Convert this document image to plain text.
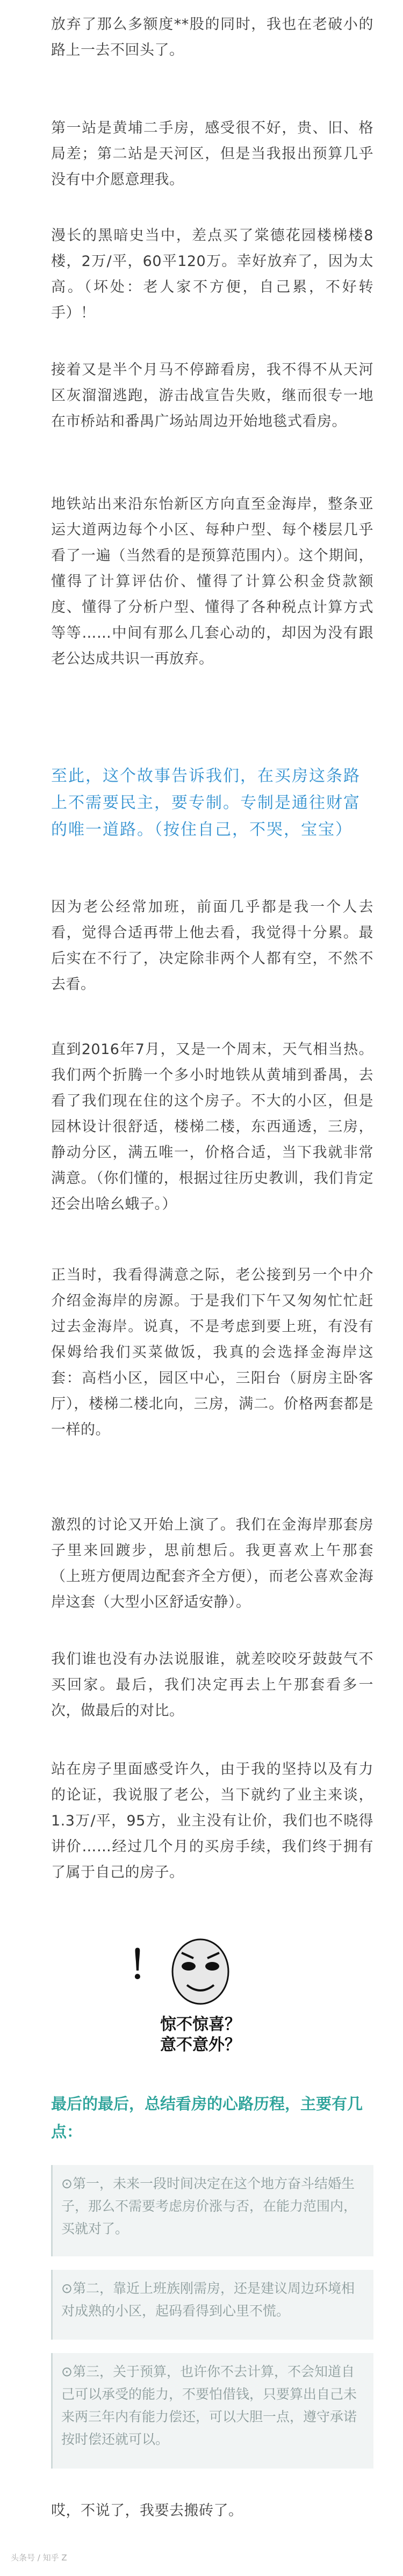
放弃了那么多额度**股的同时，我也在老破小的路上一去不回头了。

第一站是黄埔二手房，感受很不好，贵、旧、格局差；第二站是天河区，但是当我报出预算几乎没有中介愿意理我。

漫长的黑暗史当中，差点买了棠德花园楼梯楼8楼，2万/平，60平120万。幸好放弃了，因为太高。（坏处：老人家不方便，自己累，不好转手）！

接着又是半个月马不停蹄看房，我不得不从天河区灰溜溜逃跑，游击战宣告失败，继而很专一地在市桥站和番禺广场站周边开始地毯式看房。

地铁站出来沿东怡新区方向直至金海岸，整条亚运大道两边每个小区、每种户型、每个楼层几乎看了一遍（当然看的是预算范围内）。这个期间，懂得了计算评估价、懂得了计算公积金贷款额度、懂得了分析户型、懂得了各种税点计算方式等等……中间有那么几套心动的，却因为没有跟老公达成共识一再放弃。

至此，这个故事告诉我们，在买房这条路上不需要民主，要专制。专制是通往财富的唯一道路。（按住自己，不哭，宝宝）

因为老公经常加班，前面几乎都是我一个人去看，觉得合适再带上他去看，我觉得十分累。最后实在不行了，决定除非两个人都有空，不然不去看。

直到2016年7月，又是一个周末，天气相当热。我们两个折腾一个多小时地铁从黄埔到番禺，去看了我们现在住的这个房子。不大的小区，但是园林设计很舒适，楼梯二楼，东西通透，三房，静动分区，满五唯一，价格合适，当下我就非常满意。（你们懂的，根据过往历史教训，我们肯定还会出啥幺蛾子。）

正当时，我看得满意之际，老公接到另一个中介介绍金海岸的房源。于是我们下午又匆匆忙忙赶过去金海岸。说真，不是考虑到要上班，有没有保姆给我们买菜做饭，我真的会选择金海岸这套：高档小区，园区中心，三阳台（厨房主卧客厅），楼梯二楼北向，三房，满二。价格两套都是一样的。

激烈的讨论又开始上演了。我们在金海岸那套房子里来回踱步，思前想后。我更喜欢上午那套（上班方便周边配套齐全方便），而老公喜欢金海岸这套（大型小区舒适安静）。

我们谁也没有办法说服谁，就差咬咬牙鼓鼓气不买回家。最后，我们决定再去上午那套看多一次，做最后的对比。

站在房子里面感受许久，由于我的坚持以及有力的论证，我说服了老公，当下就约了业主来谈，1.3万/平，95方，业主没有让价，我们也不晓得讲价……经过几个月的买房手续，我们终于拥有了属于自己的房子。

！
惊不惊喜？
意不意外？
最后的最后，总结看房的心路历程，主要有几点：
⊙第一，未来一段时间决定在这个地方奋斗结婚生子，那么不需要考虑房价涨与否，在能力范围内，买就对了。
⊙第二，靠近上班族刚需房，还是建议周边环境相对成熟的小区，起码看得到心里不慌。
⊙第三，关于预算，也许你不去计算，不会知道自己可以承受的能力，不要怕借钱，只要算出自己未来两三年内有能力偿还，可以大胆一点，遵守承诺按时偿还就可以。

哎，不说了，我要去搬砖了。

头条号 / 知乎 Z
